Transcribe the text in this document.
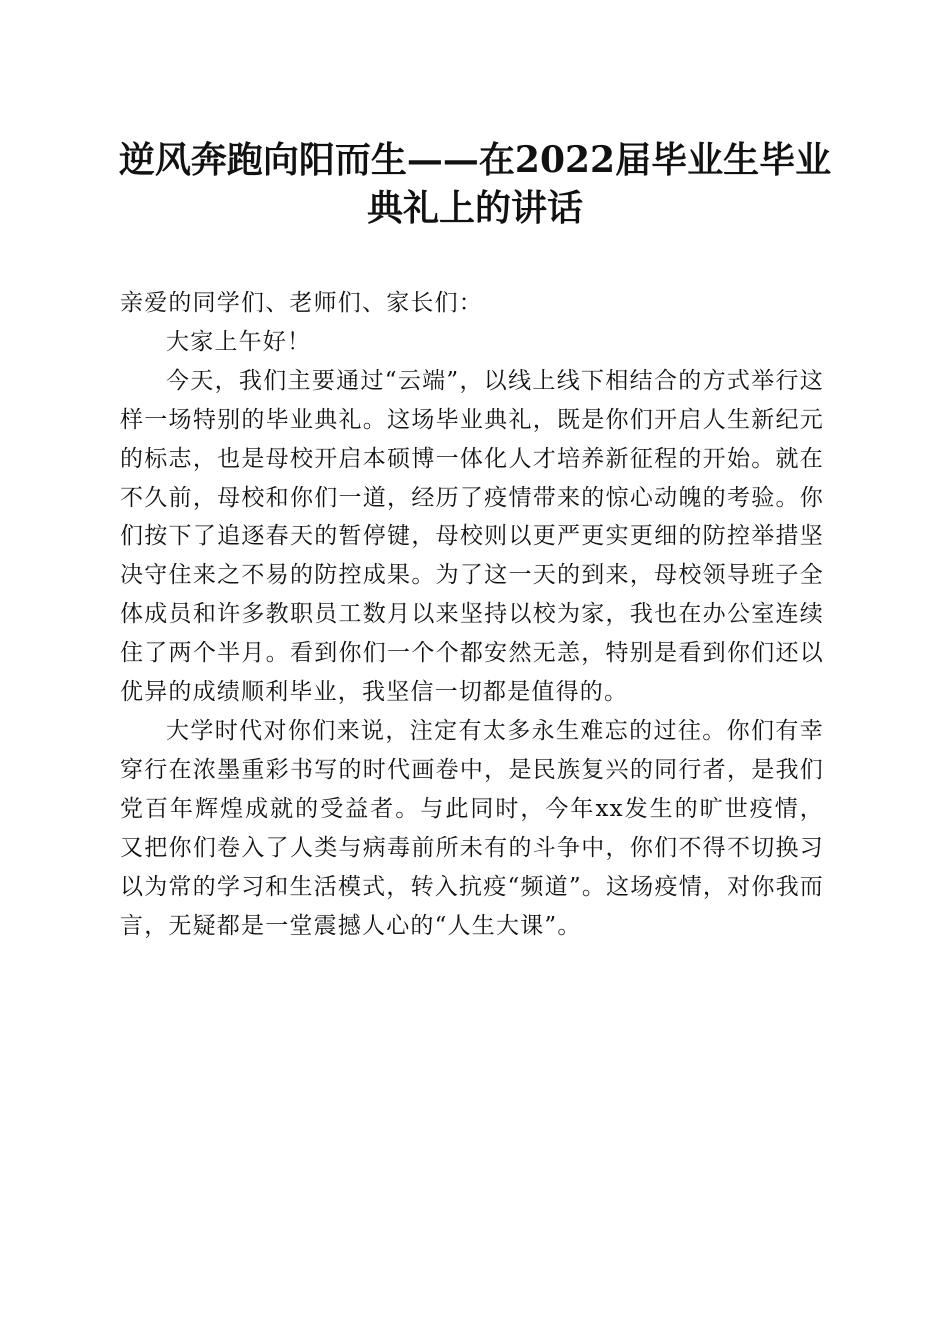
逆风奔跑向阳而生——在2022届毕业生毕业
典礼上的讲话

亲爱的同学们、老师们、家长们：

大家上午好！

今天，我们主要通过“云端”，以线上线下相结合的方式举行这样一场特别的毕业典礼。这场毕业典礼，既是你们开启人生新纪元的标志，也是母校开启本硕博一体化人才培养新征程的开始。就在不久前，母校和你们一道，经历了疫情带来的惊心动魄的考验。你们按下了追逐春天的暂停键，母校则以更严更实更细的防控举措坚决守住来之不易的防控成果。为了这一天的到来，母校领导班子全体成员和许多教职员工数月以来坚持以校为家，我也在办公室连续住了两个半月。看到你们一个个都安然无恙，特别是看到你们还以优异的成绩顺利毕业，我坚信一切都是值得的。

大学时代对你们来说，注定有太多永生难忘的过往。你们有幸穿行在浓墨重彩书写的时代画卷中，是民族复兴的同行者，是我们党百年辉煌成就的受益者。与此同时，今年xx发生的旷世疫情，又把你们卷入了人类与病毒前所未有的斗争中，你们不得不切换习以为常的学习和生活模式，转入抗疫“频道”。这场疫情，对你我而言，无疑都是一堂震撼人心的“人生大课”。
